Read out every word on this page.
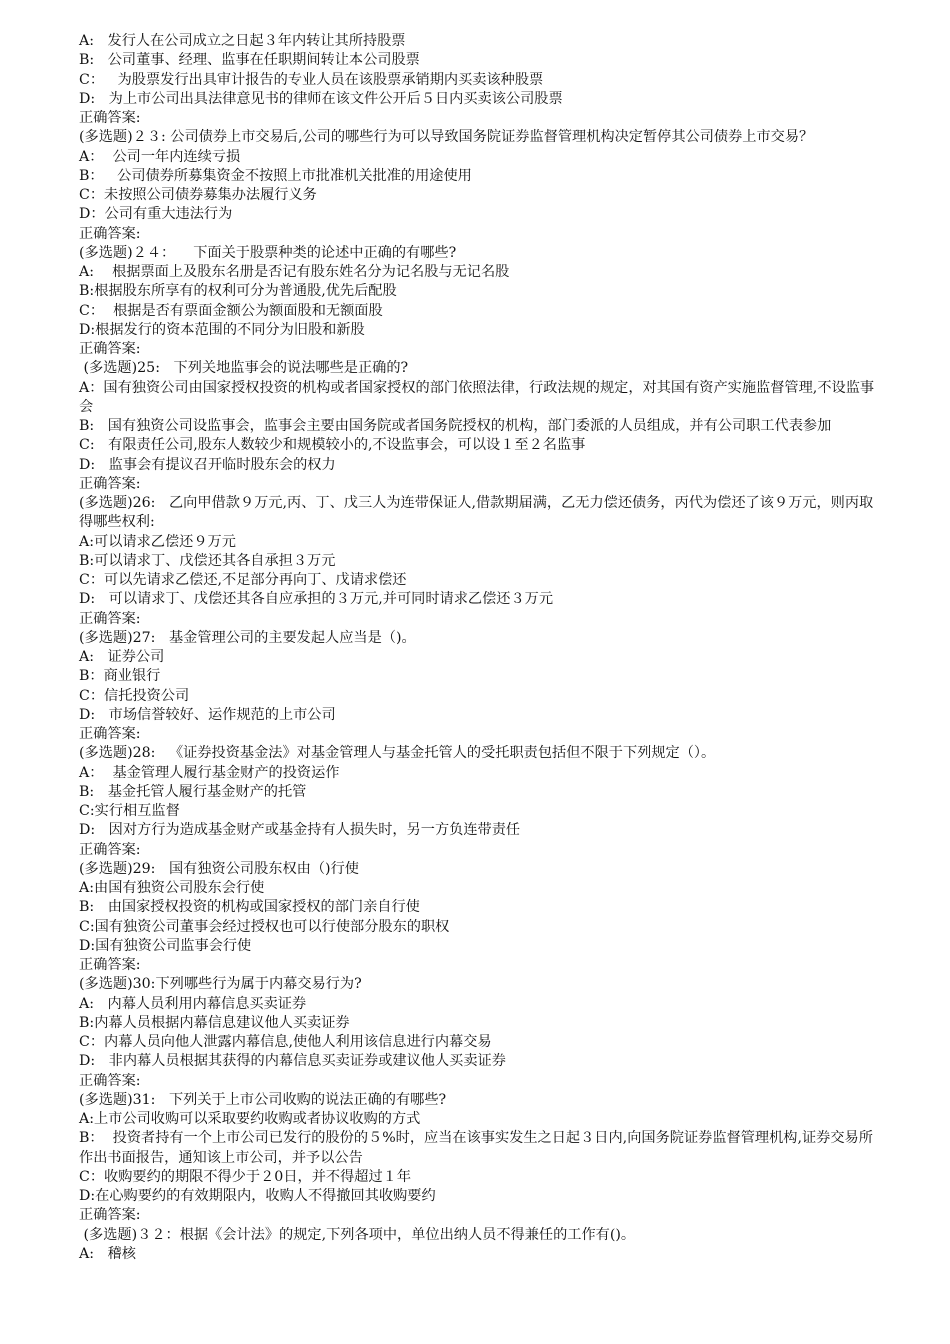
A:   发行人在公司成立之日起３年内转让其所持股票
B:   公司董事、经理、监事在任职期间转让本公司股票
C：   为股票发行出具审计报告的专业人员在该股票承销期内买卖该种股票
D:   为上市公司出具法律意见书的律师在该文件公开后５日内买卖该公司股票
正确答案:
(多选题)２３: 公司债券上市交易后,公司的哪些行为可以导致国务院证券监督管理机构决定暂停其公司债券上市交易？
A：  公司一年内连续亏损
B：   公司债券所募集资金不按照上市批准机关批准的用途使用
C：未按照公司债券募集办法履行义务
D：公司有重大违法行为
正确答案:
(多选题)２４：    下面关于股票种类的论述中正确的有哪些?
A:    根据票面上及股东名册是否记有股东姓名分为记名股与无记名股
B:根据股东所享有的权利可分为普通股,优先后配股
C：  根据是否有票面金额公为额面股和无额面股
D:根据发行的资本范围的不同分为旧股和新股
正确答案:
(多选题)25:   下列关地监事会的说法哪些是正确的?
A：国有独资公司由国家授权投资的机构或者国家授权的部门依照法律，行政法规的规定，对其国有资产实施监督管理,不设监事会
B:   国有独资公司设监事会，监事会主要由国务院或者国务院授权的机构，部门委派的人员组成，并有公司职工代表参加
C:   有限责任公司,股东人数较少和规模较小的,不设监事会，可以设１至２名监事
D:   监事会有提议召开临时股东会的权力
正确答案:
(多选题)26:   乙向甲借款９万元,丙、丁、戊三人为连带保证人,借款期届满，乙无力偿还债务，丙代为偿还了该９万元，则丙取得哪些权利:
A:可以请求乙偿还９万元
B:可以请求丁、戊偿还其各自承担３万元
C：可以先请求乙偿还,不足部分再向丁、戊请求偿还
D:   可以请求丁、戊偿还其各自应承担的３万元,并可同时请求乙偿还３万元
正确答案:
(多选题)27:   基金管理公司的主要发起人应当是（)。
A:   证券公司
B：商业银行
C：信托投资公司
D:   市场信誉较好、运作规范的上市公司
正确答案:
(多选题)28:   《证券投资基金法》对基金管理人与基金托管人的受托职责包括但不限于下列规定（）。
A：  基金管理人履行基金财产的投资运作
B:   基金托管人履行基金财产的托管
C:实行相互监督
D:   因对方行为造成基金财产或基金持有人损失时，另一方负连带责任
正确答案:
(多选题)29:   国有独资公司股东权由（)行使
A:由国有独资公司股东会行使
B:   由国家授权投资的机构或国家授权的部门亲自行使
C:国有独资公司董事会经过授权也可以行使部分股东的职权
D:国有独资公司监事会行使
正确答案:
(多选题)30:下列哪些行为属于内幕交易行为?
A:   内幕人员利用内幕信息买卖证券
B:内幕人员根据内幕信息建议他人买卖证券
C：内幕人员向他人泄露内幕信息,使他人利用该信息进行内幕交易
D:   非内幕人员根据其获得的内幕信息买卖证券或建议他人买卖证券
正确答案:
(多选题)31:   下列关于上市公司收购的说法正确的有哪些?
A:上市公司收购可以采取要约收购或者协议收购的方式
B：  投资者持有一个上市公司已发行的股份的５%时，应当在该事实发生之日起３日内,向国务院证券监督管理机构,证券交易所作出书面报告，通知该上市公司，并予以公告
C：收购要约的期限不得少于２0日，并不得超过１年
D:在心购要约的有效期限内，收购人不得撤回其收购要约
正确答案:
(多选题)３２：根据《会计法》的规定,下列各项中，单位出纳人员不得兼任的工作有()。
A:   稽核
